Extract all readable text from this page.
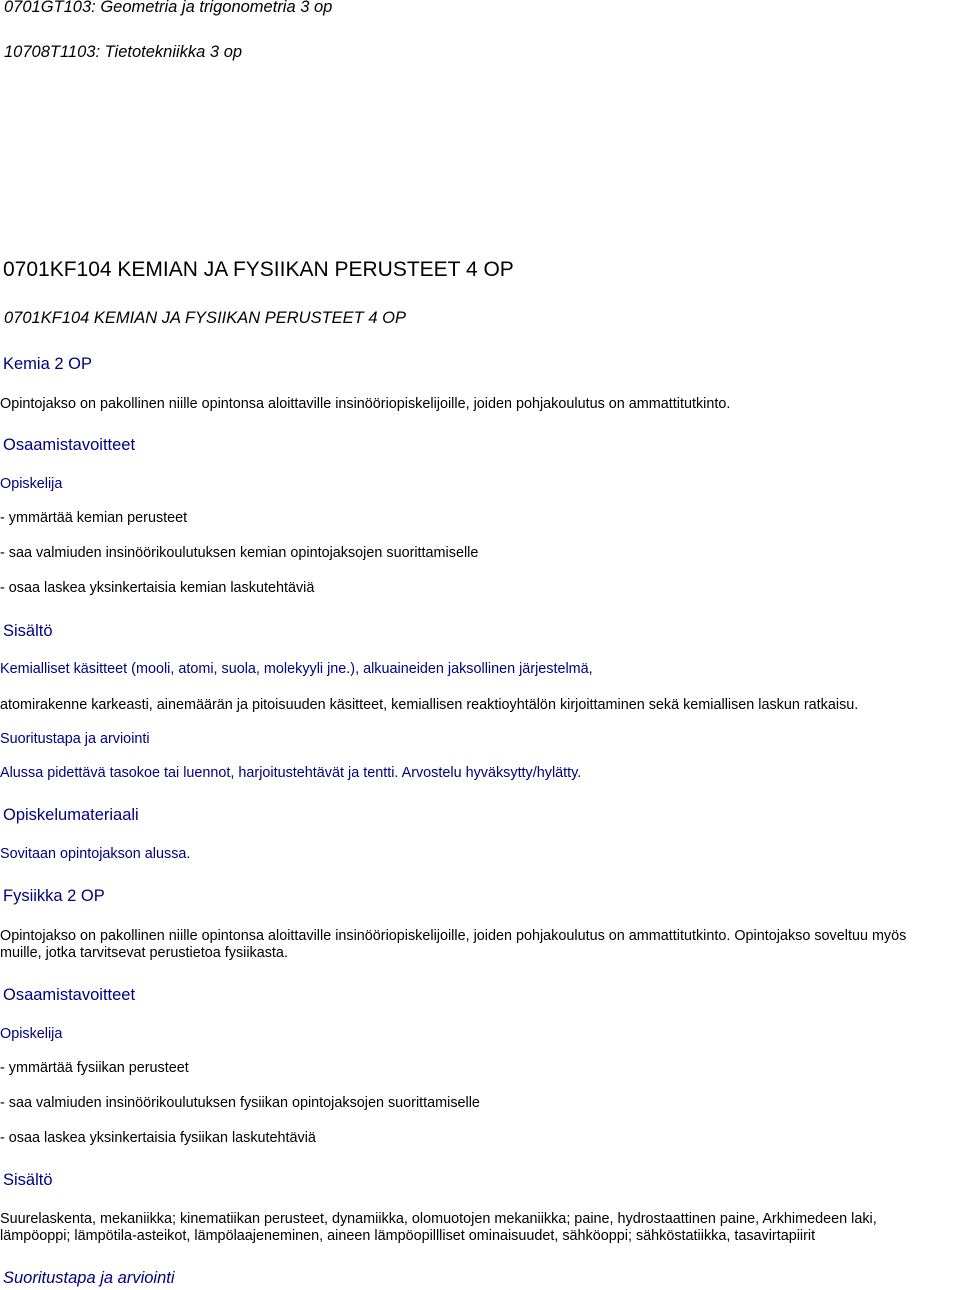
0701GT103: Geometria ja trigonometria 3 op

10708T1103: Tietotekniikka 3 op

0701KF104 KEMIAN JA FYSIIKAN PERUSTEET 4 OP

0701KF104 KEMIAN JA FYSIIKAN PERUSTEET 4 OP

Kemia 2 OP

Opintojakso on pakollinen niille opintonsa aloittaville insinööriopiskelijoille, joiden pohjakoulutus on ammattitutkinto.

Osaamistavoitteet

Opiskelija

- ymmärtää kemian perusteet

- saa valmiuden insinöörikoulutuksen kemian opintojaksojen suorittamiselle

- osaa laskea yksinkertaisia kemian laskutehtäviä

Sisältö

Kemialliset käsitteet (mooli, atomi, suola, molekyyli jne.), alkuaineiden jaksollinen järjestelmä,

atomirakenne karkeasti, ainemäärän ja pitoisuuden käsitteet, kemiallisen reaktioyhtälön kirjoittaminen sekä kemiallisen laskun ratkaisu.

Suoritustapa ja arviointi

Alussa pidettävä tasokoe tai luennot, harjoitustehtävät ja tentti. Arvostelu hyväksytty/hylätty.

Opiskelumateriaali

Sovitaan opintojakson alussa.

Fysiikka 2 OP

Opintojakso on pakollinen niille opintonsa aloittaville insinööriopiskelijoille, joiden pohjakoulutus on ammattitutkinto. Opintojakso soveltuu myös

muille, jotka tarvitsevat perustietoa fysiikasta.

Osaamistavoitteet

Opiskelija

- ymmärtää fysiikan perusteet

- saa valmiuden insinöörikoulutuksen fysiikan opintojaksojen suorittamiselle

- osaa laskea yksinkertaisia fysiikan laskutehtäviä

Sisältö

Suurelaskenta, mekaniikka; kinematiikan perusteet, dynamiikka, olomuotojen mekaniikka; paine, hydrostaattinen paine, Arkhimedeen laki,

lämpöoppi; lämpötila-asteikot, lämpölaajeneminen, aineen lämpöopillliset ominaisuudet, sähköoppi; sähköstatiikka, tasavirtapiirit

Suoritustapa ja arviointi
